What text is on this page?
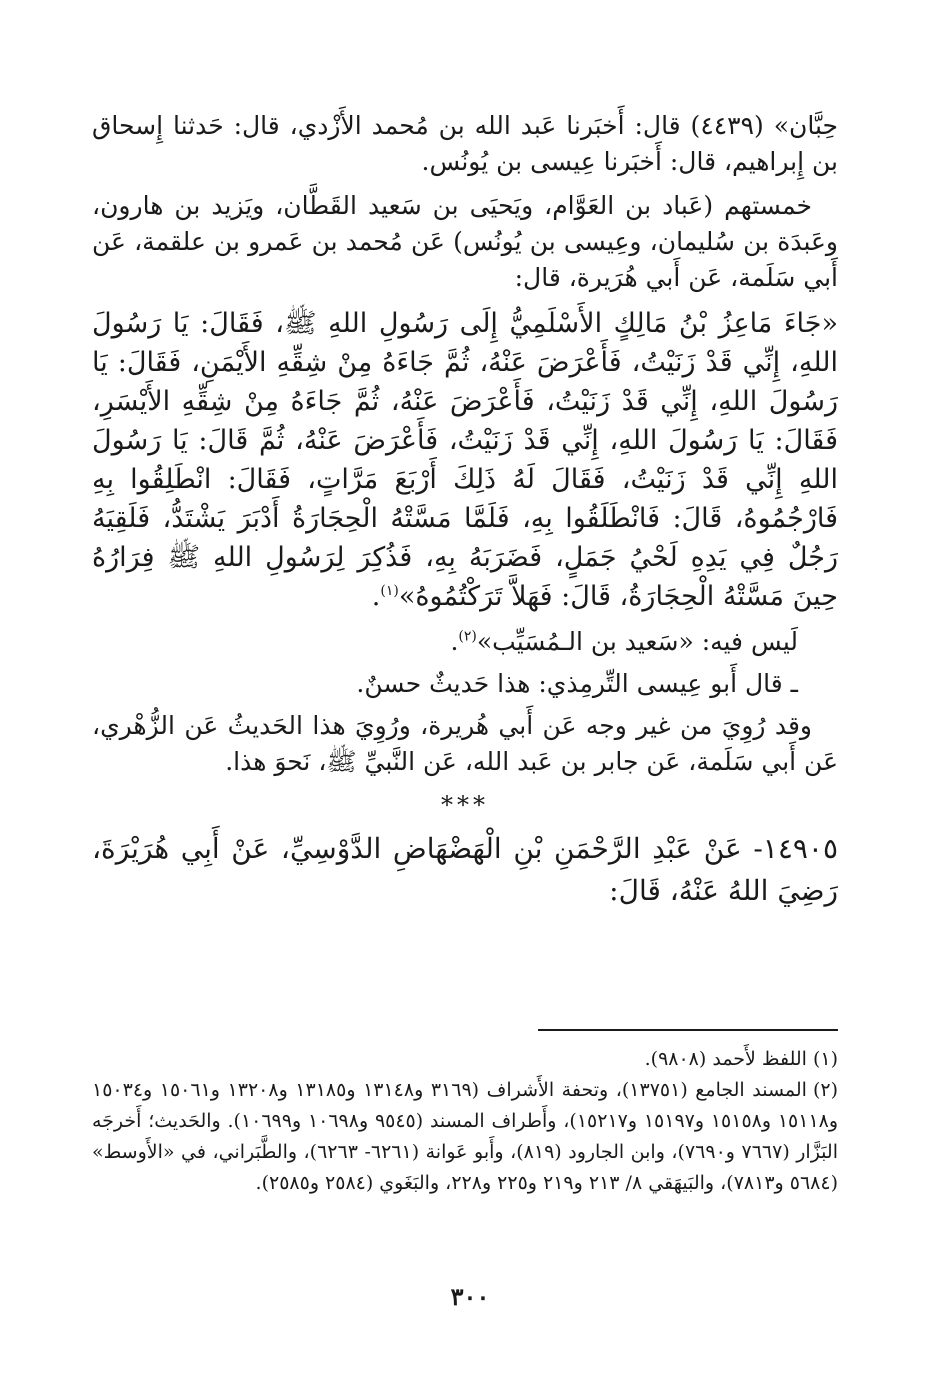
حِبَّان» (٤٤٣٩) قال: أَخبَرنا عَبد الله بن مُحمد الأَزْدي، قال: حَدثنا إِسحاق بن إِبراهيم، قال: أَخبَرنا عِيسى بن يُونُس.

خمستهم (عَباد بن العَوَّام، ويَحيَى بن سَعيد القَطَّان، ويَزيد بن هارون، وعَبدَة بن سُليمان، وعِيسى بن يُونُس) عَن مُحمد بن عَمرو بن علقمة، عَن أَبي سَلَمة، عَن أَبي هُرَيرة، قال:

«جَاءَ مَاعِزُ بْنُ مَالِكٍ الأَسْلَمِيُّ إِلَى رَسُولِ اللهِ ﷺ، فَقَالَ: يَا رَسُولَ اللهِ، إِنِّي قَدْ زَنَيْتُ، فَأَعْرَضَ عَنْهُ، ثُمَّ جَاءَهُ مِنْ شِقِّهِ الأَيْمَنِ، فَقَالَ: يَا رَسُولَ اللهِ، إِنِّي قَدْ زَنَيْتُ، فَأَعْرَضَ عَنْهُ، ثُمَّ جَاءَهُ مِنْ شِقِّهِ الأَيْسَرِ، فَقَالَ: يَا رَسُولَ اللهِ، إِنِّي قَدْ زَنَيْتُ، فَأَعْرَضَ عَنْهُ، ثُمَّ قَالَ: يَا رَسُولَ اللهِ إِنِّي قَدْ زَنَيْتُ، فَقَالَ لَهُ ذَلِكَ أَرْبَعَ مَرَّاتٍ، فَقَالَ: انْطَلِقُوا بِهِ فَارْجُمُوهُ، قَالَ: فَانْطَلَقُوا بِهِ، فَلَمَّا مَسَّتْهُ الْحِجَارَةُ أَدْبَرَ يَشْتَدُّ، فَلَقِيَهُ رَجُلٌ فِي يَدِهِ لَحْيُ جَمَلٍ، فَضَرَبَهُ بِهِ، فَذُكِرَ لِرَسُولِ اللهِ ﷺ فِرَارُهُ حِينَ مَسَّتْهُ الْحِجَارَةُ، قَالَ: فَهَلاَّ تَرَكْتُمُوهُ»$^{(١)}$.

لَيس فيه: «سَعيد بن الـمُسَيِّب»$^{(٢)}$.

ـ قال أَبو عِيسى التِّرمِذي: هذا حَديثٌ حسنٌ.

وقد رُوِيَ من غير وجه عَن أَبي هُريرة، ورُوِيَ هذا الحَديثُ عَن الزُّهْري، عَن أَبي سَلَمة، عَن جابر بن عَبد الله، عَن النَّبيِّ ﷺ، نَحوَ هذا.

***

١٤٩٠٥- عَنْ عَبْدِ الرَّحْمَنِ بْنِ الْهَضْهَاضِ الدَّوْسِيِّ، عَنْ أَبِي هُرَيْرَةَ، رَضِيَ اللهُ عَنْهُ، قَالَ:

(١)اللفظ لأَحمد (٩٨٠٨).

(٢)المسند الجامع (١٣٧٥١)، وتحفة الأَشراف (٣١٦٩ و١٣١٤٨ و١٣١٨٥ و١٣٢٠٨ و١٥٠٦١ و١٥٠٣٤ و١٥١١٨ و١٥١٥٨ و١٥١٩٧ و١٥٢١٧)، وأَطراف المسند (٩٥٤٥ و١٠٦٩٨ و١٠٦٩٩). والحَديث؛ أَخرجَه البَزَّار (٧٦٦٧ و٧٦٩٠)، وابن الجارود (٨١٩)، وأَبو عَوانة (٦٢٦١- ٦٢٦٣)، والطَّبَراني، في «الأَوسط» (٥٦٨٤ و٧٨١٣)، والبَيهَقي ٨/ ٢١٣ و٢١٩ و٢٢٥ و٢٢٨، والبَغَوي (٢٥٨٤ و٢٥٨٥).

٣٠٠
